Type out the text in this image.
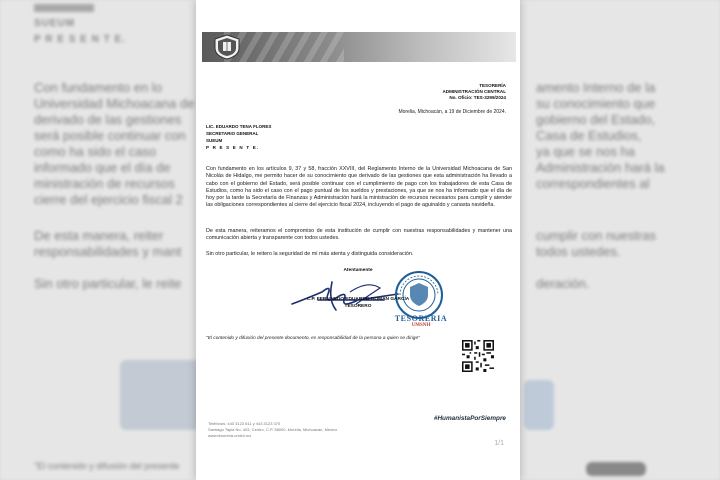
SUEUM
P R E S E N T E.
Con fundamento en lo
Universidad Michoacana de
derivado de las gestiones
será posible continuar con
como ha sido el caso
informado que el día de
ministración de recursos
cierre del ejercicio fiscal 2
De esta manera, reiter
responsabilidades y mant
Sin otro particular, le reite
"El contenido y difusión del presente
amento Interno de la
su conocimiento que
gobierno del Estado,
Casa de Estudios,
ya que se nos ha
Administración hará la
correspondientes al
cumplir con nuestras
todos ustedes.
deración.
TESORERÍA
ADMINISTRACIÓN CENTRAL
No. Oficio: TES-3299/2024
Morelia, Michoacán, a 19 de Diciembre de 2024.
LIC. EDUARDO TENA FLORES
SECRETARIO GENERAL
SUEUM
P R E S E N T E.
Con fundamento en los artículos 9, 37 y 58, fracción XXVIII, del Reglamento Interno de la Universidad Michoacana de San Nicolás de Hidalgo, me permito hacer de su conocimiento que derivado de las gestiones que esta administración ha llevado a cabo con el gobierno del Estado, será posible continuar con el cumplimiento de pago con los trabajadores de esta Casa de Estudios, como ha sido el caso con el pago puntual de los sueldos y prestaciones, ya que se nos ha informado que el día de hoy por la tarde la Secretaría de Finanzas y Administración hará la ministración de recursos necesarios para cumplir y atender las obligaciones correspondientes al cierre del ejercicio fiscal 2024, incluyendo el pago de aguinaldo y canasta navideña.
De esta manera, reiteramos el compromiso de esta institución de cumplir con nuestras responsabilidades y mantener una comunicación abierta y transparente con todos ustedes.
Sin otro particular, le reitero la seguridad de mi más atenta y distinguida consideración.
Atentamente
C.P. FERNANDO EDUARDO ROMÁN GARCÍA
TESORERO
TESORERIA
UMSNH
"El contenido y difusión del presente documento, es responsabilidad de la persona a quien se dirige"
#HumanistaPorSiempre
Teléfonos: 443 3123 611 y 443 3123 370
Santiago Tapia No. 403, Centro, C.P. 58000, Morelia, Michoacán, México
www.tesoreria.umich.mx
1/1
